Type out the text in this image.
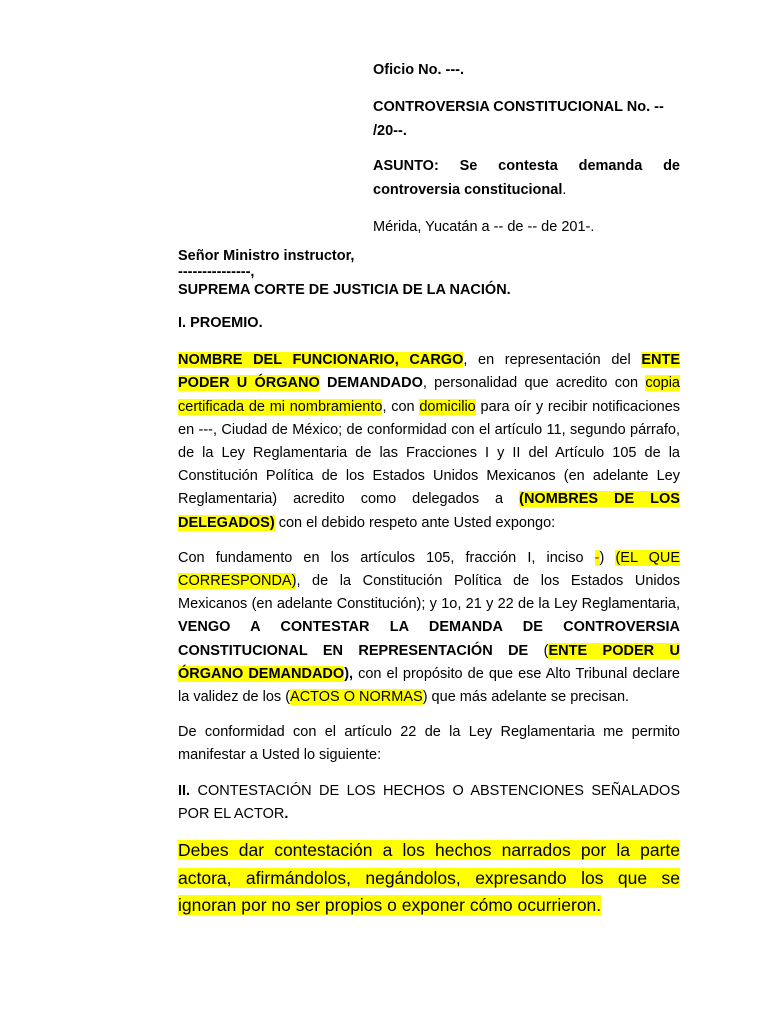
Oficio No. ---.

CONTROVERSIA CONSTITUCIONAL No. --
/20--.

ASUNTO: Se contesta demanda de
controversia constitucional.

Mérida, Yucatán a -- de -- de 201-.

Señor Ministro instructor,

---------------,

SUPREMA CORTE DE JUSTICIA DE LA NACIÓN.

I. PROEMIO.

NOMBRE DEL FUNCIONARIO, CARGO, en representación del ENTE PODER U ÓRGANO DEMANDADO, personalidad que acredito con copia certificada de mi nombramiento, con domicilio para oír y recibir notificaciones en ---, Ciudad de México; de conformidad con el artículo 11, segundo párrafo, de la Ley Reglamentaria de las Fracciones I y II del Artículo 105 de la Constitución Política de los Estados Unidos Mexicanos (en adelante Ley Reglamentaria) acredito como delegados a (NOMBRES DE LOS DELEGADOS) con el debido respeto ante Usted expongo:

Con fundamento en los artículos 105, fracción I, inciso -) (EL QUE CORRESPONDA), de la Constitución Política de los Estados Unidos Mexicanos (en adelante Constitución); y 1o, 21 y 22 de la Ley Reglamentaria, VENGO A CONTESTAR LA DEMANDA DE CONTROVERSIA CONSTITUCIONAL EN REPRESENTACIÓN DE (ENTE PODER U ÓRGANO DEMANDADO), con el propósito de que ese Alto Tribunal declare la validez de los (ACTOS O NORMAS) que más adelante se precisan.

De conformidad con el artículo 22 de la Ley Reglamentaria me permito manifestar a Usted lo siguiente:

II. CONTESTACIÓN DE LOS HECHOS O ABSTENCIONES SEÑALADOS POR EL ACTOR.

Debes dar contestación a los hechos narrados por la parte actora, afirmándolos, negándolos, expresando los que se ignoran por no ser propios o exponer cómo ocurrieron.
